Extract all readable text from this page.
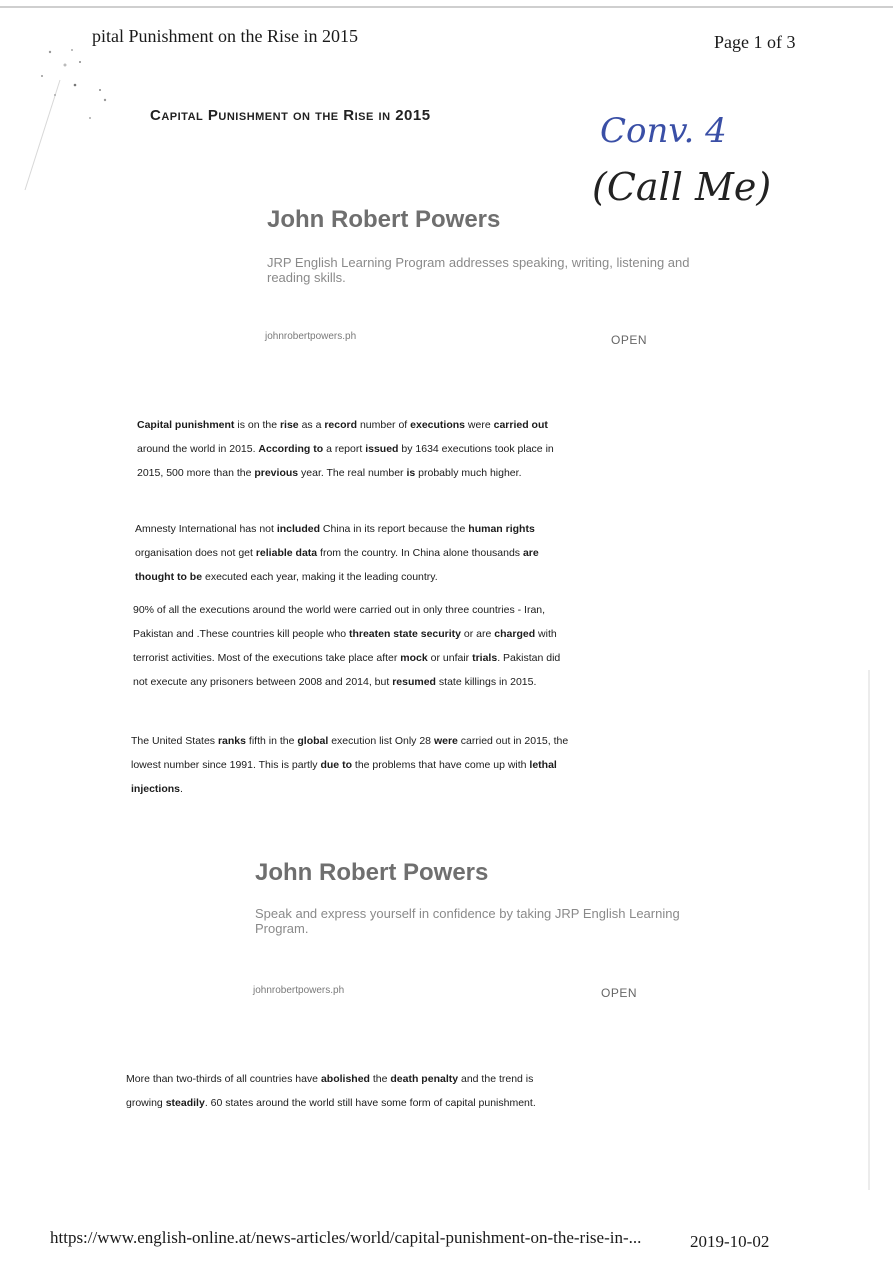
pital Punishment on the Rise in 2015	Page 1 of 3
Capital Punishment on the Rise in 2015	Conv. 4
(Call Me)
John Robert Powers
JRP English Learning Program addresses speaking, writing, listening and reading skills.
johnrobertpowers.ph	OPEN
Capital punishment is on the rise as a record number of executions were carried out around the world in 2015. According to a report issued by 1634 executions took place in 2015, 500 more than the previous year. The real number is probably much higher.
Amnesty International has not included China in its report because the human rights organisation does not get reliable data from the country. In China alone thousands are thought to be executed each year, making it the leading country.
90% of all the executions around the world were carried out in only three countries - Iran, Pakistan and .These countries kill people who threaten state security or are charged with terrorist activities. Most of the executions take place after mock or unfair trials. Pakistan did not execute any prisoners between 2008 and 2014, but resumed state killings in 2015.
The United States ranks fifth in the global execution list Only 28 were carried out in 2015, the lowest number since 1991. This is partly due to the problems that have come up with lethal injections.
John Robert Powers
Speak and express yourself in confidence by taking JRP English Learning Program.
johnrobertpowers.ph	OPEN
More than two-thirds of all countries have abolished the death penalty and the trend is growing steadily. 60 states around the world still have some form of capital punishment.
https://www.english-online.at/news-articles/world/capital-punishment-on-the-rise-in-...	2019-10-02
